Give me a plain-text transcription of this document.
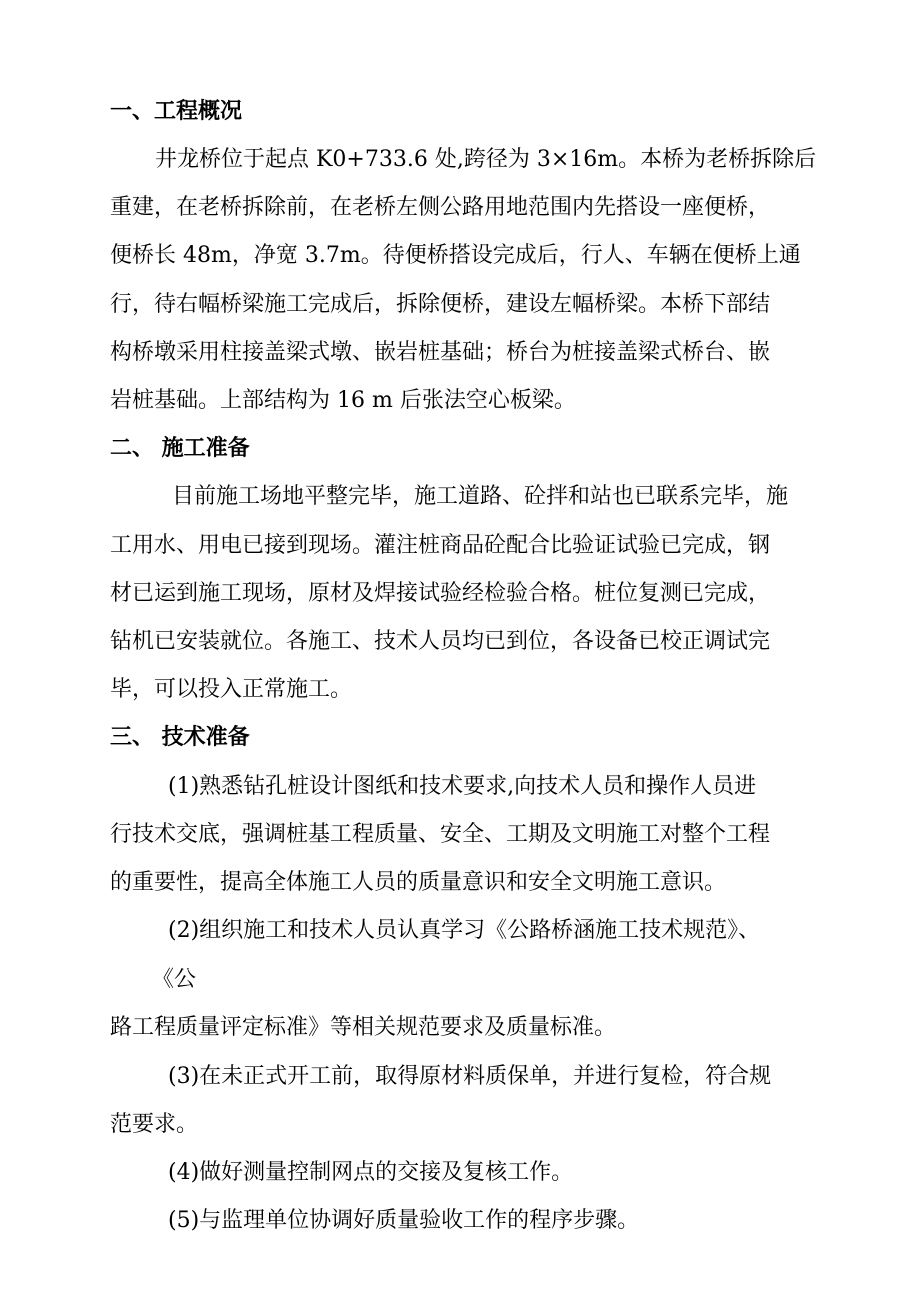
一、工程概况
井龙桥位于起点 K0+733.6 处,跨径为 3×16m。本桥为老桥拆除后
重建，在老桥拆除前，在老桥左侧公路用地范围内先搭设一座便桥，
便桥长 48m，净宽 3.7m。待便桥搭设完成后，行人、车辆在便桥上通
行，待右幅桥梁施工完成后，拆除便桥，建设左幅桥梁。本桥下部结
构桥墩采用柱接盖梁式墩、嵌岩桩基础；桥台为桩接盖梁式桥台、嵌
岩桩基础。上部结构为 16 m 后张法空心板梁。
二、 施工准备
目前施工场地平整完毕，施工道路、砼拌和站也已联系完毕，施
工用水、用电已接到现场。灌注桩商品砼配合比验证试验已完成，钢
材已运到施工现场，原材及焊接试验经检验合格。桩位复测已完成，
钻机已安装就位。各施工、技术人员均已到位，各设备已校正调试完
毕，可以投入正常施工。
三、 技术准备
(1)熟悉钻孔桩设计图纸和技术要求,向技术人员和操作人员进
行技术交底，强调桩基工程质量、安全、工期及文明施工对整个工程
的重要性，提高全体施工人员的质量意识和安全文明施工意识。
(2)组织施工和技术人员认真学习《公路桥涵施工技术规范》、
《公
路工程质量评定标准》等相关规范要求及质量标准。
(3)在未正式开工前，取得原材料质保单，并进行复检，符合规
范要求。
(4)做好测量控制网点的交接及复核工作。
(5)与监理单位协调好质量验收工作的程序步骤。
